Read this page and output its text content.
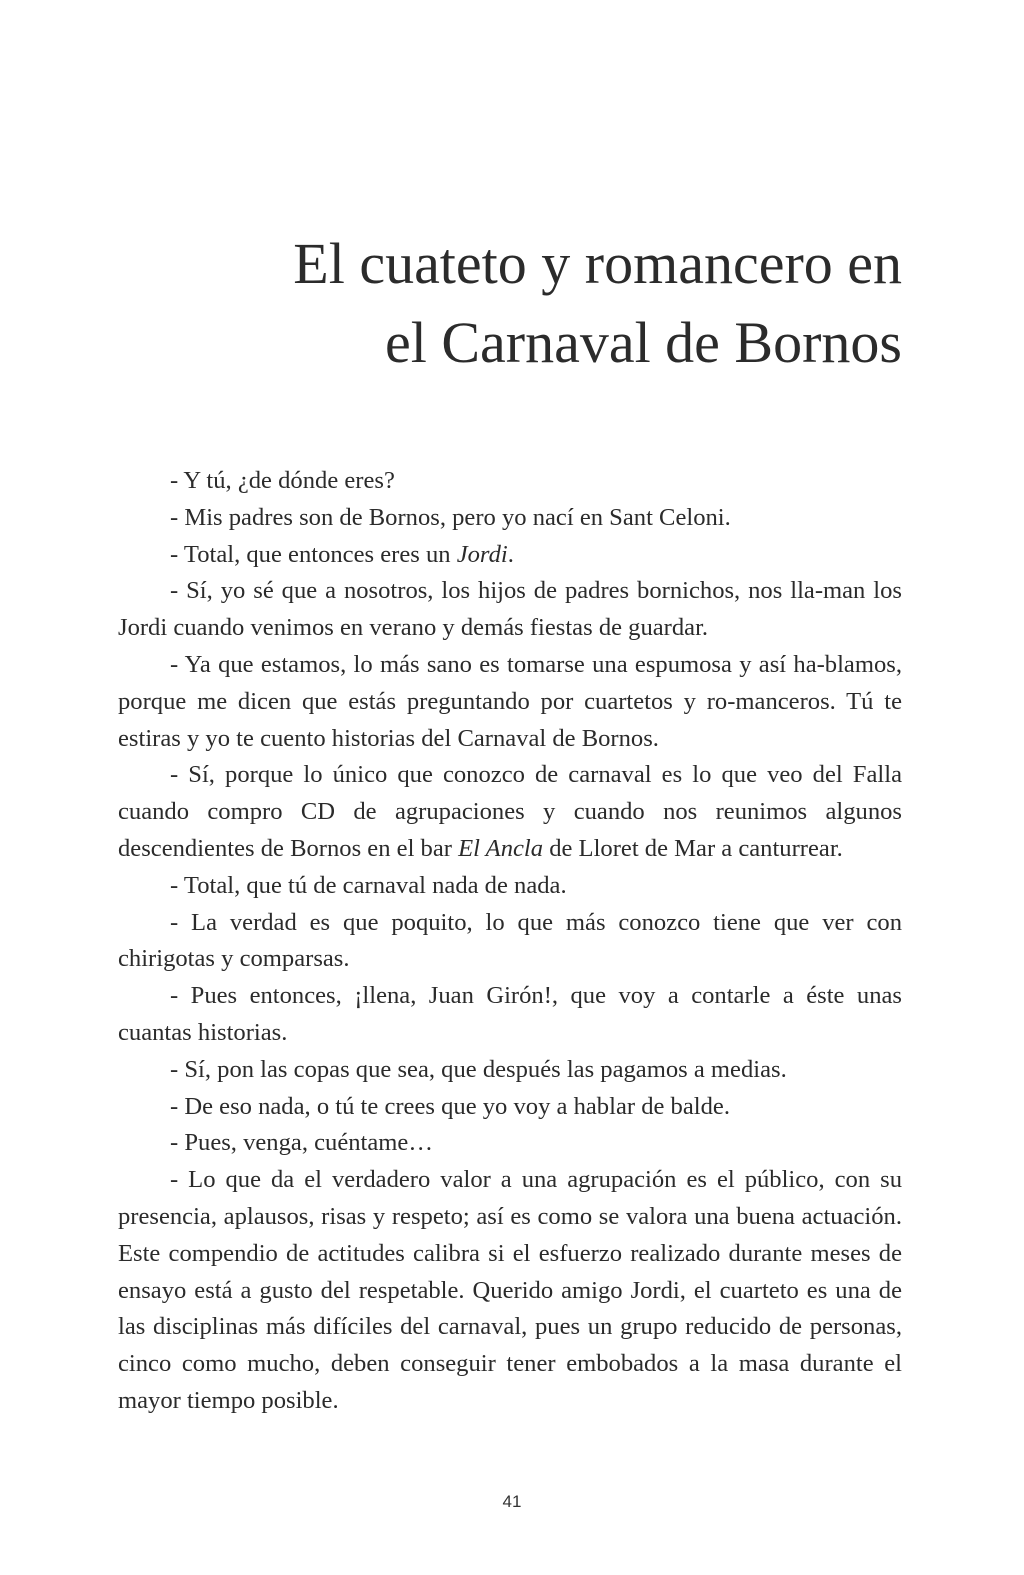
El cuateto y romancero en
el Carnaval de Bornos

- Y tú, ¿de dónde eres?

- Mis padres son de Bornos, pero yo nací en Sant Celoni.

- Total, que entonces eres un Jordi.

- Sí, yo sé que a nosotros, los hijos de padres bornichos, nos lla-man los Jordi cuando venimos en verano y demás fiestas de guardar.

- Ya que estamos, lo más sano es tomarse una espumosa y así ha-blamos, porque me dicen que estás preguntando por cuartetos y ro-manceros. Tú te estiras y yo te cuento historias del Carnaval de Bornos.

- Sí, porque lo único que conozco de carnaval es lo que veo del Falla cuando compro CD de agrupaciones y cuando nos reunimos algunos descendientes de Bornos en el bar El Ancla de Lloret de Mar a canturrear.

- Total, que tú de carnaval nada de nada.

- La verdad es que poquito, lo que más conozco tiene que ver con chirigotas y comparsas.

- Pues entonces, ¡llena, Juan Girón!, que voy a contarle a éste unas cuantas historias.

- Sí, pon las copas que sea, que después las pagamos a medias.

- De eso nada, o tú te crees que yo voy a hablar de balde.

- Pues, venga, cuéntame…

- Lo que da el verdadero valor a una agrupación es el público, con su presencia, aplausos, risas y respeto; así es como se valora una buena actuación. Este compendio de actitudes calibra si el esfuerzo realizado durante meses de ensayo está a gusto del respetable. Querido amigo Jordi, el cuarteto es una de las disciplinas más difíciles del carnaval, pues un grupo reducido de personas, cinco como mucho, deben conseguir tener embobados a la masa durante el mayor tiempo posible.

41
